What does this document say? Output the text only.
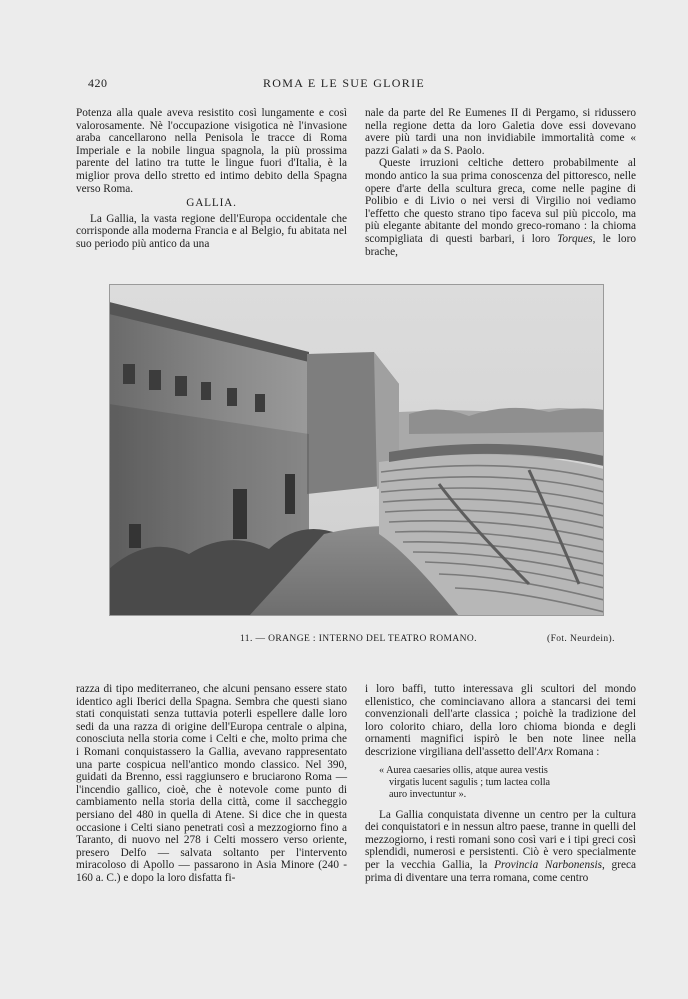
420	ROMA E LE SUE GLORIE

Potenza alla quale aveva resistito così lungamente e così valorosamente. Nè l'occupazione visigotica nè l'invasione araba cancellarono nella Penisola le tracce di Roma Imperiale e la nobile lingua spagnola, la più prossima parente del latino tra tutte le lingue fuori d'Italia, è la miglior prova dello stretto ed intimo debito della Spagna verso Roma.

GALLIA.

La Gallia, la vasta regione dell'Europa occidentale che corrisponde alla moderna Francia e al Belgio, fu abitata nel suo periodo più antico da una

nale da parte del Re Eumenes II di Pergamo, si ridussero nella regione detta da loro Galetia dove essi dovevano avere più tardi una non invidiabile immortalità come « pazzi Galati » da S. Paolo.

Queste irruzioni celtiche dettero probabilmente al mondo antico la sua prima conoscenza del pittoresco, nelle opere d'arte della scultura greca, come nelle pagine di Polibio e di Livio o nei versi di Virgilio noi vediamo l'effetto che questo strano tipo faceva sul più piccolo, ma più elegante abitante del mondo greco-romano : la chioma scompigliata di questi barbari, i loro Torques, le loro brache,

11. — ORANGE : INTERNO DEL TEATRO ROMANO.	(Fot. Neurdein).

razza di tipo mediterraneo, che alcuni pensano essere stato identico agli Iberici della Spagna. Sembra che questi siano stati conquistati senza tuttavia poterli espellere dalle loro sedi da una razza di origine dell'Europa centrale o alpina, conosciuta nella storia come i Celti e che, molto prima che i Romani conquistassero la Gallia, avevano rappresentato una parte cospicua nell'antico mondo classico. Nel 390, guidati da Brenno, essi raggiunsero e bruciarono Roma — l'incendio gallico, cioè, che è notevole come punto di cambiamento nella storia della città, come il saccheggio persiano del 480 in quella di Atene. Si dice che in questa occasione i Celti siano penetrati così a mezzogiorno fino a Taranto, di nuovo nel 278 i Celti mossero verso oriente, presero Delfo — salvata soltanto per l'intervento miracoloso di Apollo — passarono in Asia Minore (240 - 160 a. C.) e dopo la loro disfatta fi-

i loro baffi, tutto interessava gli scultori del mondo ellenistico, che cominciavano allora a stancarsi dei temi convenzionali dell'arte classica ; poichè la tradizione del loro colorito chiaro, della loro chioma bionda e degli ornamenti magnifici ispirò le ben note linee nella descrizione virgiliana dell'assetto dell'Arx Romana :

« Aurea caesaries ollis, atque aurea vestis
virgatis lucent sagulis ; tum lactea colla
auro invectuntur ».

La Gallia conquistata divenne un centro per la cultura dei conquistatori e in nessun altro paese, tranne in quelli del mezzogiorno, i resti romani sono così vari e i tipi greci così splendidi, numerosi e persistenti. Ciò è vero specialmente per la vecchia Gallia, la Provincia Narbonensis, greca prima di diventare una terra romana, come centro
